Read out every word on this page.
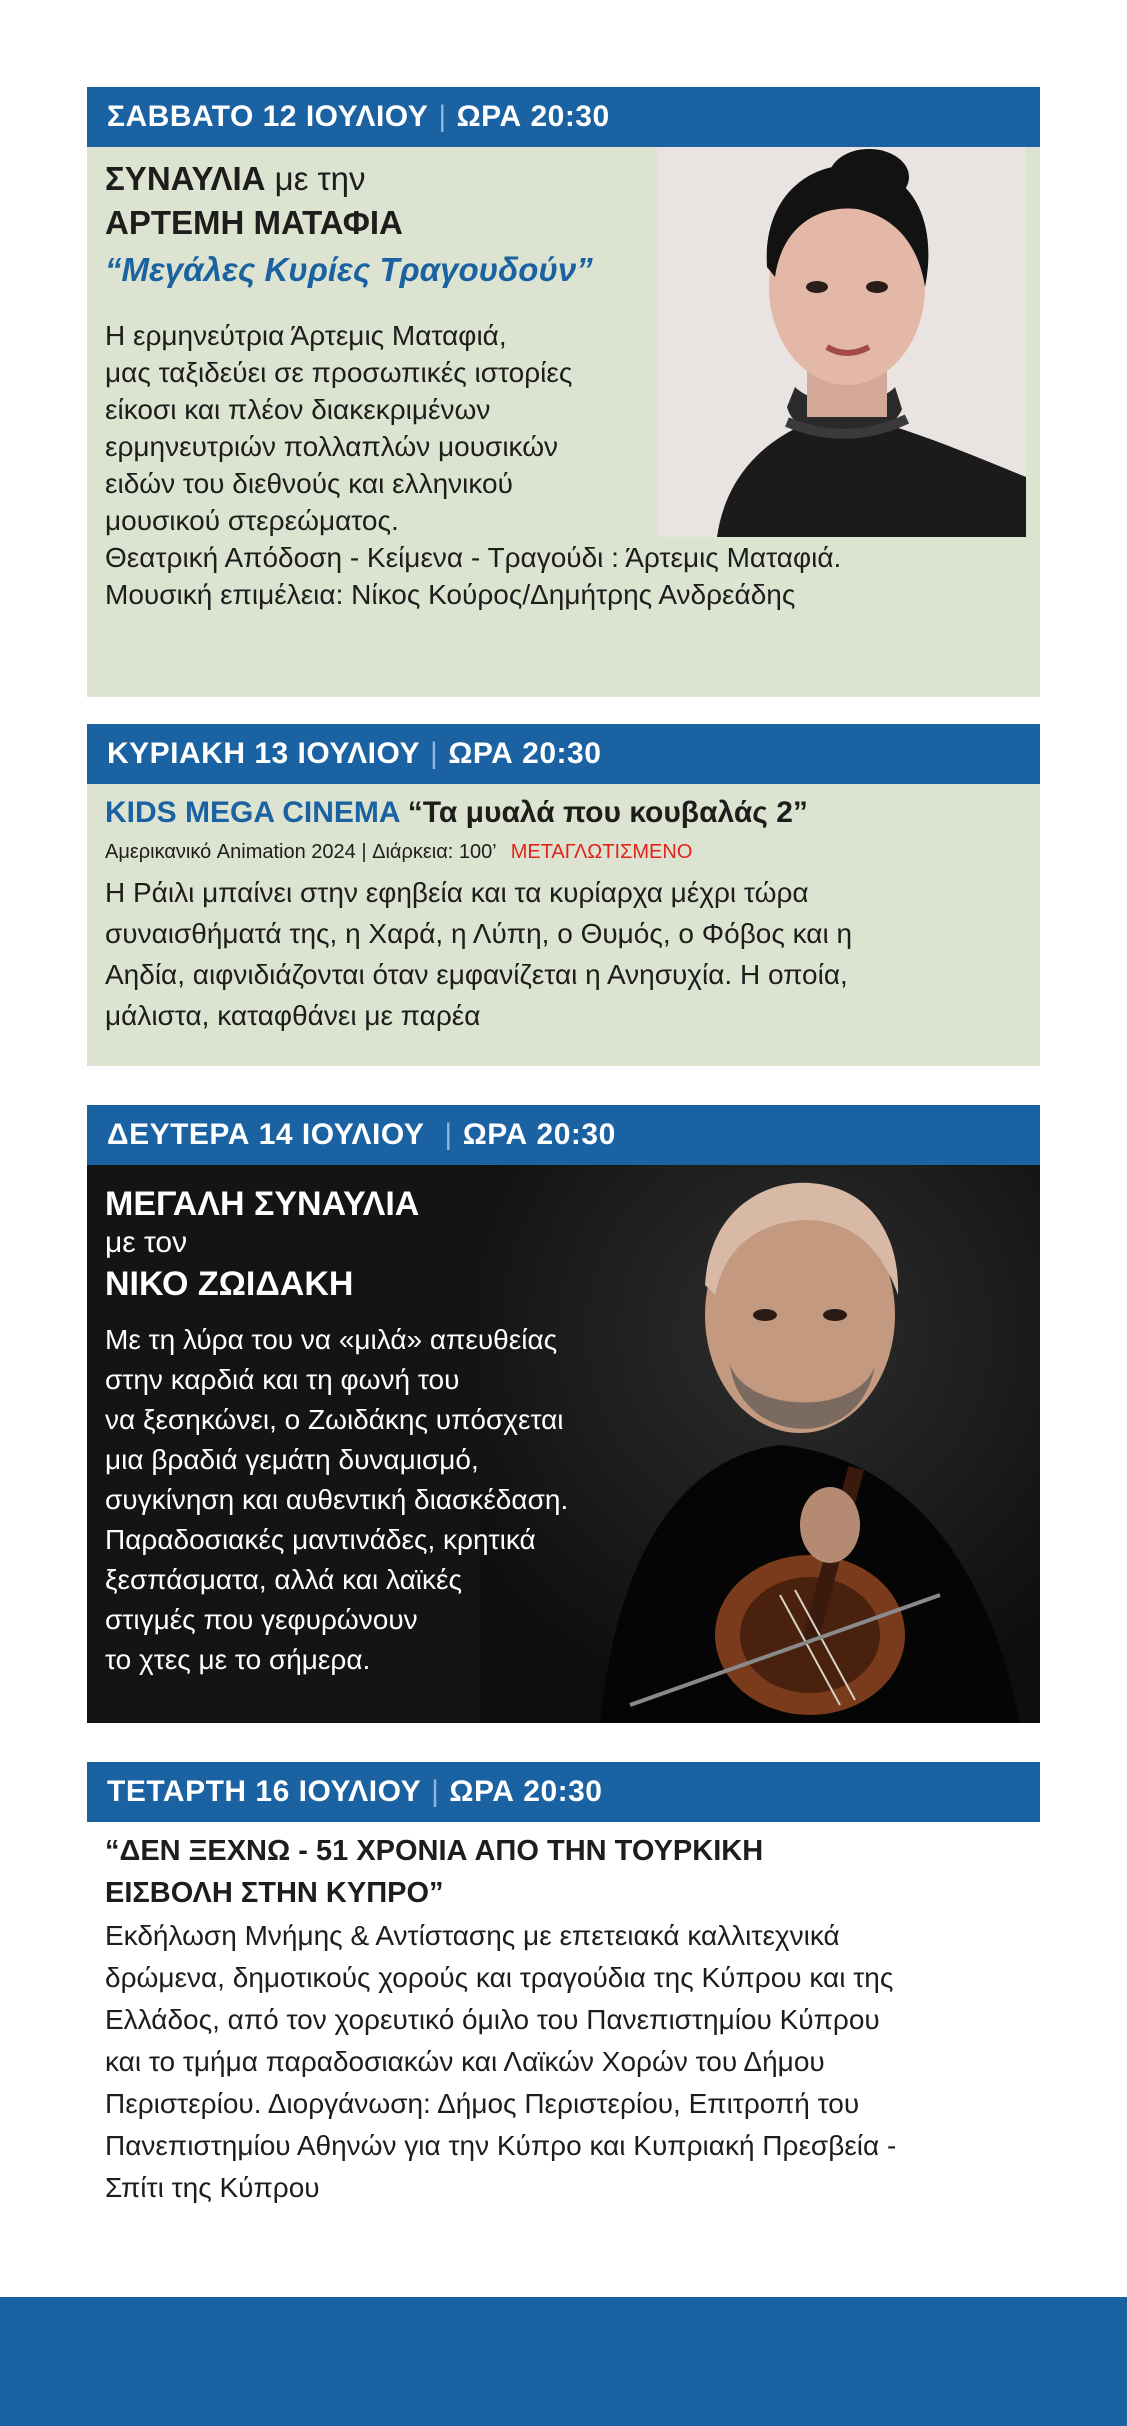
ΣΑΒΒΑΤΟ 12 ΙΟΥΛΙΟΥ | ΩΡΑ 20:30
ΣΥΝΑΥΛΙΑ με την
ΑΡΤΕΜΗ ΜΑΤΑΦΙΑ
“Μεγάλες Κυρίες Τραγουδούν”
Η ερμηνεύτρια Άρτεμις Ματαφιά,
μας ταξιδεύει σε προσωπικές ιστορίες
είκοσι και πλέον διακεκριμένων
ερμηνευτριών πολλαπλών μουσικών
ειδών του διεθνούς και ελληνικού
μουσικού στερεώματος.
Θεατρική Απόδοση - Κείμενα - Τραγούδι : Άρτεμις Ματαφιά.
Μουσική επιμέλεια: Νίκος Κούρος/Δημήτρης Ανδρεάδης
ΚΥΡΙΑΚΗ 13 ΙΟΥΛΙΟΥ | ΩΡΑ 20:30
KIDS MEGA CINEMA “Τα μυαλά που κουβαλάς 2”
Αμερικανικό Animation 2024 | Διάρκεια: 100’ ΜΕΤΑΓΛΩΤΙΣΜΕΝΟ
Η Ράιλι μπαίνει στην εφηβεία και τα κυρίαρχα μέχρι τώρα
συναισθήματά της, η Χαρά, η Λύπη, ο Θυμός, ο Φόβος και η
Αηδία, αιφνιδιάζονται όταν εμφανίζεται η Ανησυχία. Η οποία,
μάλιστα, καταφθάνει με παρέα
ΔΕΥΤΕΡΑ 14 ΙΟΥΛΙΟΥ | ΩΡΑ 20:30
ΜΕΓΑΛΗ ΣΥΝΑΥΛΙΑ
με τον
ΝΙΚΟ ΖΩΙΔΑΚΗ
Με τη λύρα του να «μιλά» απευθείας
στην καρδιά και τη φωνή του
να ξεσηκώνει, ο Ζωιδάκης υπόσχεται
μια βραδιά γεμάτη δυναμισμό,
συγκίνηση και αυθεντική διασκέδαση.
Παραδοσιακές μαντινάδες, κρητικά
ξεσπάσματα, αλλά και λαϊκές
στιγμές που γεφυρώνουν
το χτες με το σήμερα.
ΤΕΤΑΡΤΗ 16 ΙΟΥΛΙΟΥ | ΩΡΑ 20:30
“ΔΕΝ ΞΕΧΝΩ - 51 ΧΡΟΝΙΑ ΑΠΟ ΤΗΝ ΤΟΥΡΚΙΚΗ
ΕΙΣΒΟΛΗ ΣΤΗΝ ΚΥΠΡΟ”
Εκδήλωση Μνήμης & Αντίστασης με επετειακά καλλιτεχνικά
δρώμενα, δημοτικούς χορούς και τραγούδια της Κύπρου και της
Ελλάδος, από τον χορευτικό όμιλο του Πανεπιστημίου Κύπρου
και το τμήμα παραδοσιακών και Λαϊκών Χορών του Δήμου
Περιστερίου. Διοργάνωση: Δήμος Περιστερίου, Επιτροπή του
Πανεπιστημίου Αθηνών για την Κύπρο και Κυπριακή Πρεσβεία -
Σπίτι της Κύπρου
